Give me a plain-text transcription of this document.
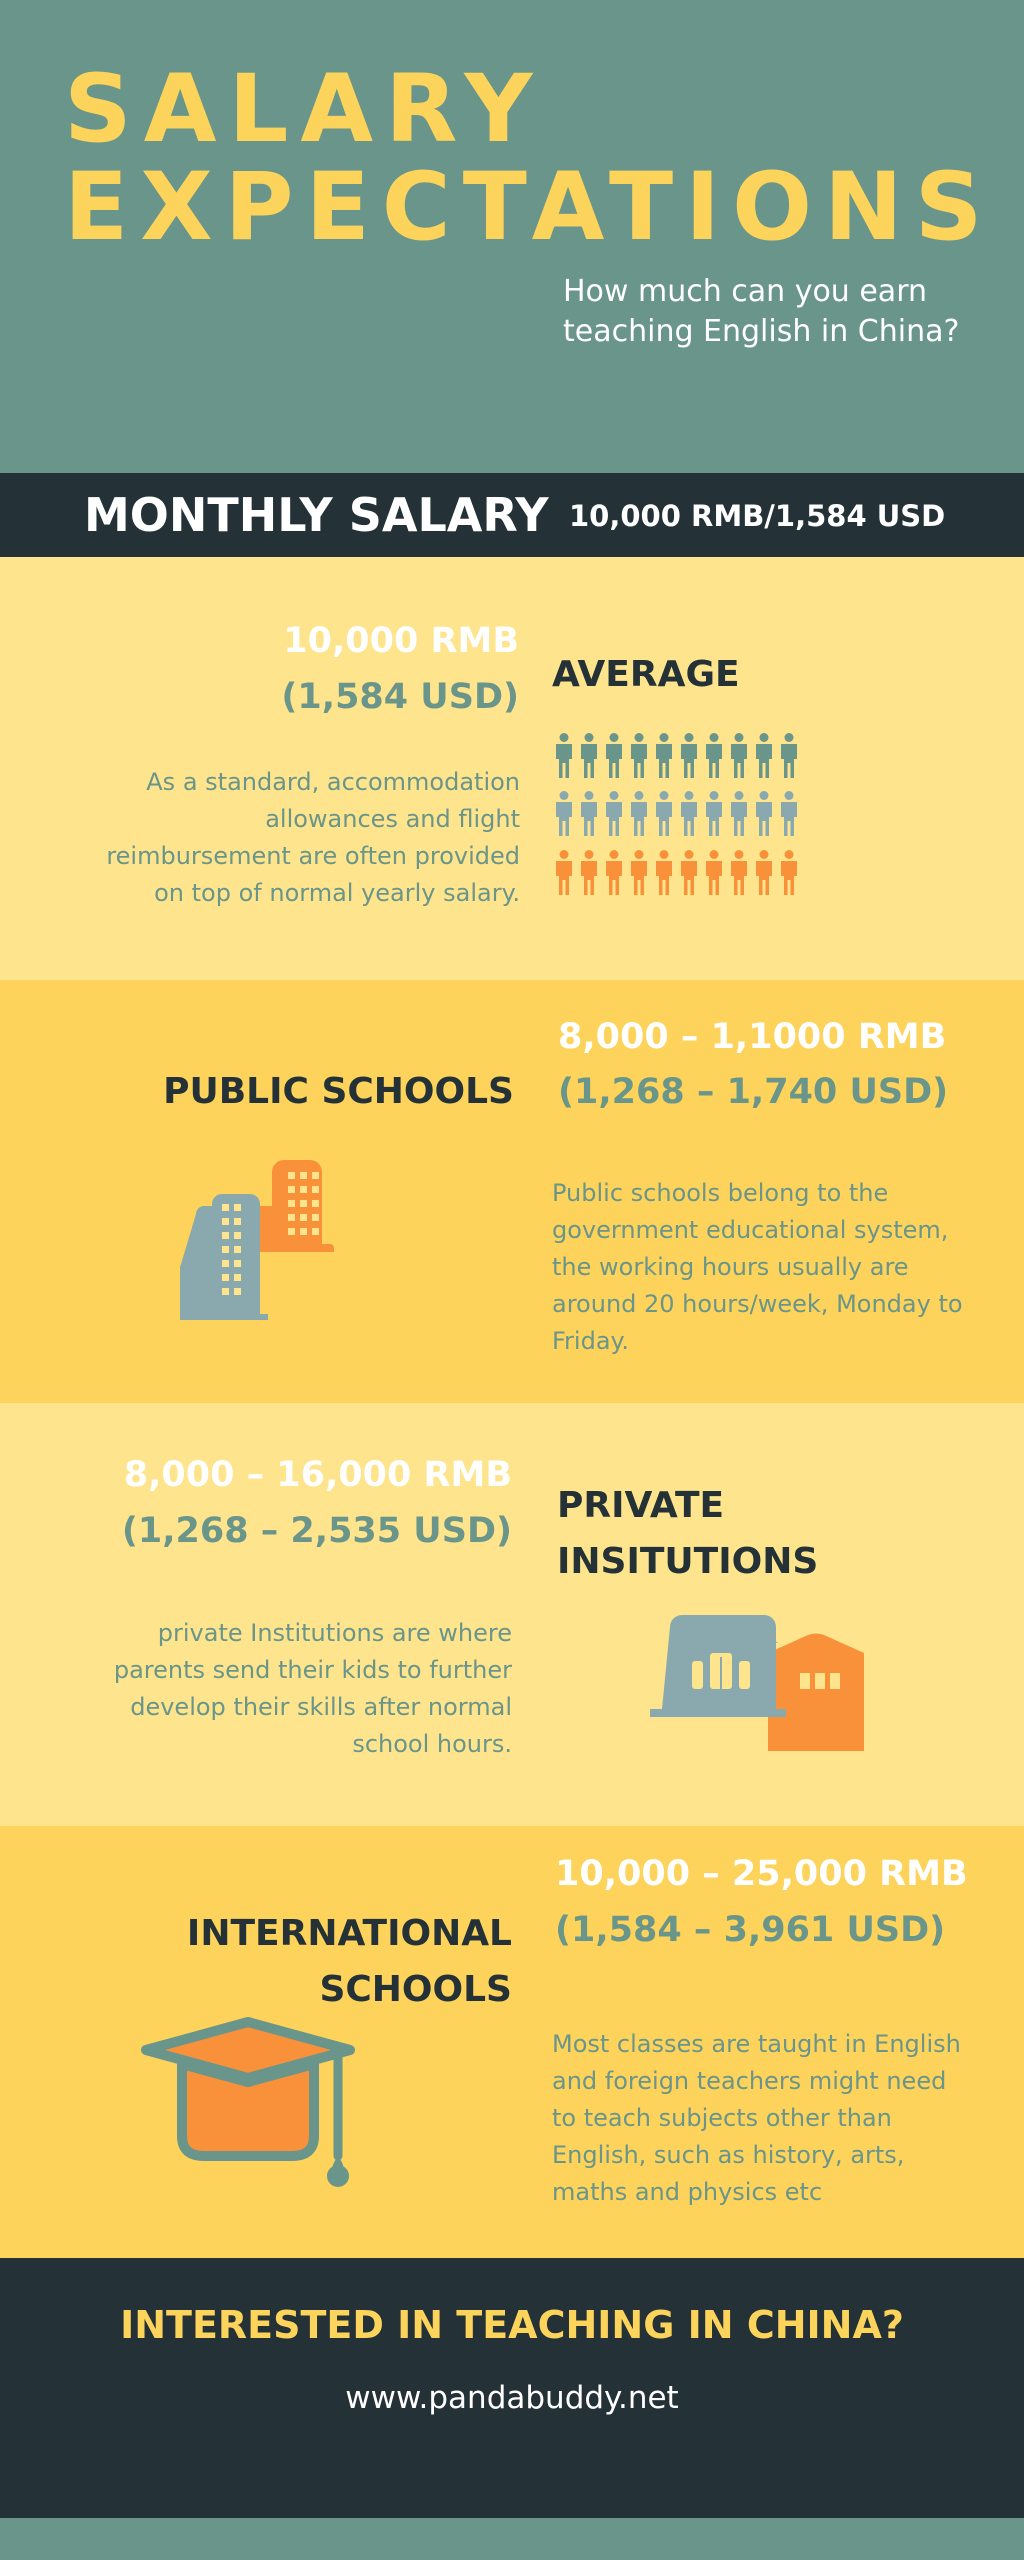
SALARY
EXPECTATIONS
How much can you earn
teaching English in China?
MONTHLY SALARY 10,000 RMB/1,584 USD
10,000 RMB
(1,584 USD)
As a standard, accommodation allowances and flight reimbursement are often provided on top of normal yearly salary.
AVERAGE
8,000 – 1,1000 RMB
(1,268 – 1,740 USD)
PUBLIC SCHOOLS
Public schools belong to the government educational system, the working hours usually are around 20 hours/week, Monday to Friday.
8,000 – 16,000 RMB
(1,268 – 2,535 USD)
private Institutions are where parents send their kids to further develop their skills after normal school hours.
PRIVATE
INSITUTIONS
10,000 – 25,000 RMB
(1,584 – 3,961 USD)
INTERNATIONAL
SCHOOLS
Most classes are taught in English and foreign teachers might need to teach subjects other than English, such as history, arts, maths and physics etc
INTERESTED IN TEACHING IN CHINA?
www.pandabuddy.net
